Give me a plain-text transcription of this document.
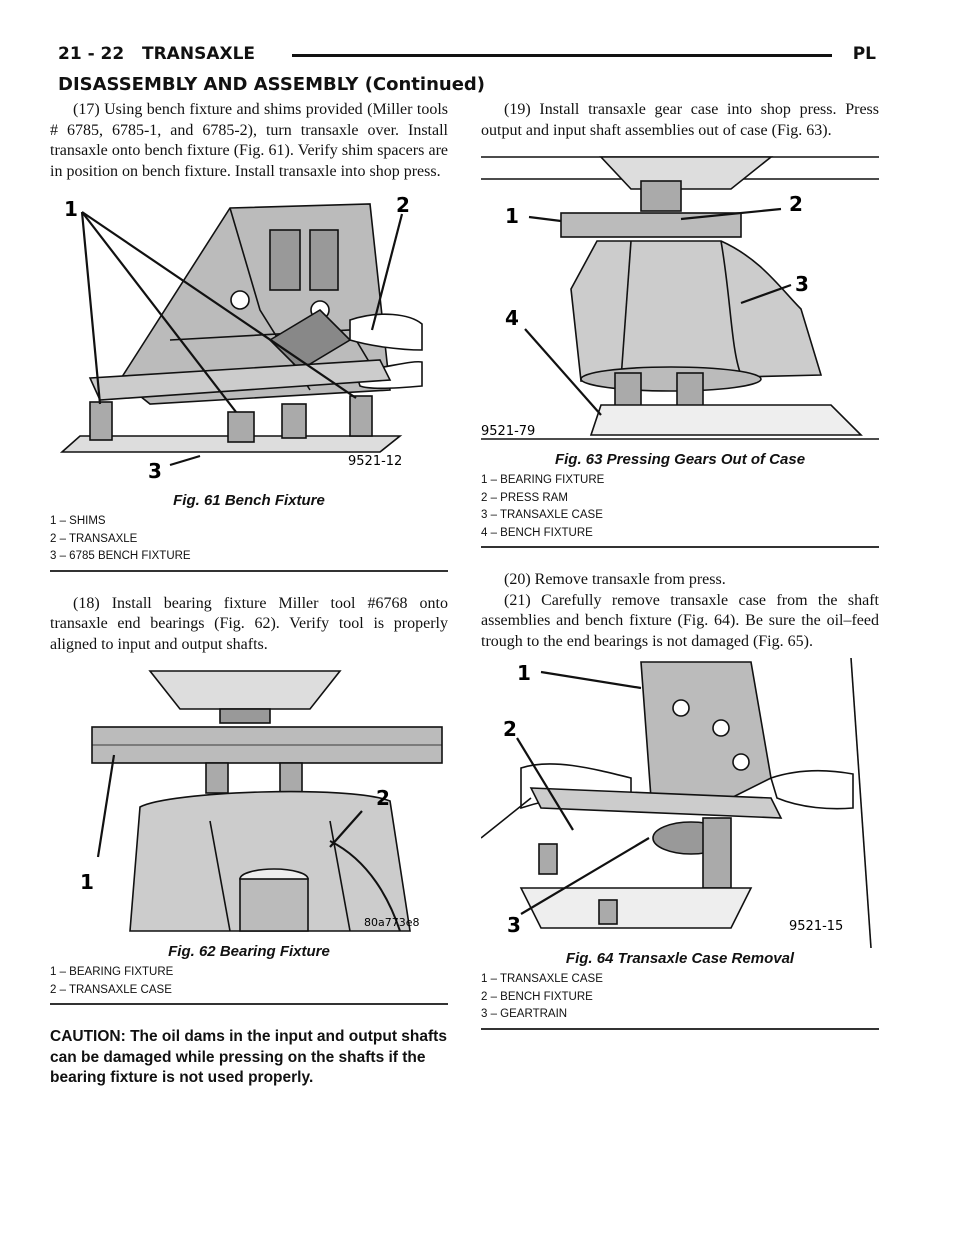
21 - 22 TRANSAXLE	PL
DISASSEMBLY AND ASSEMBLY (Continued)

(17) Using bench fixture and shims provided (Miller tools # 6785, 6785-1, and 6785-2), turn transaxle over. Install transaxle onto bench fixture (Fig. 61). Verify shim spacers are in position on bench fixture. Install transaxle into shop press.

1	2
3	9521-12
Fig. 61 Bench Fixture
1 – SHIMS
2 – TRANSAXLE
3 – 6785 BENCH FIXTURE

(18) Install bearing fixture Miller tool #6768 onto transaxle end bearings (Fig. 62). Verify tool is properly aligned to input and output shafts.

1
2
80a773e8
Fig. 62 Bearing Fixture
1 – BEARING FIXTURE
2 – TRANSAXLE CASE

CAUTION: The oil dams in the input and output shafts can be damaged while pressing on the shafts if the bearing fixture is not used properly.

(19) Install transaxle gear case into shop press. Press output and input shaft assemblies out of case (Fig. 63).

1	2
3
4
9521-79
Fig. 63 Pressing Gears Out of Case
1 – BEARING FIXTURE
2 – PRESS RAM
3 – TRANSAXLE CASE
4 – BENCH FIXTURE

(20) Remove transaxle from press.

(21) Carefully remove transaxle case from the shaft assemblies and bench fixture (Fig. 64). Be sure the oil–feed trough to the end bearings is not damaged (Fig. 65).

1
2
3	9521-15
Fig. 64 Transaxle Case Removal
1 – TRANSAXLE CASE
2 – BENCH FIXTURE
3 – GEARTRAIN
